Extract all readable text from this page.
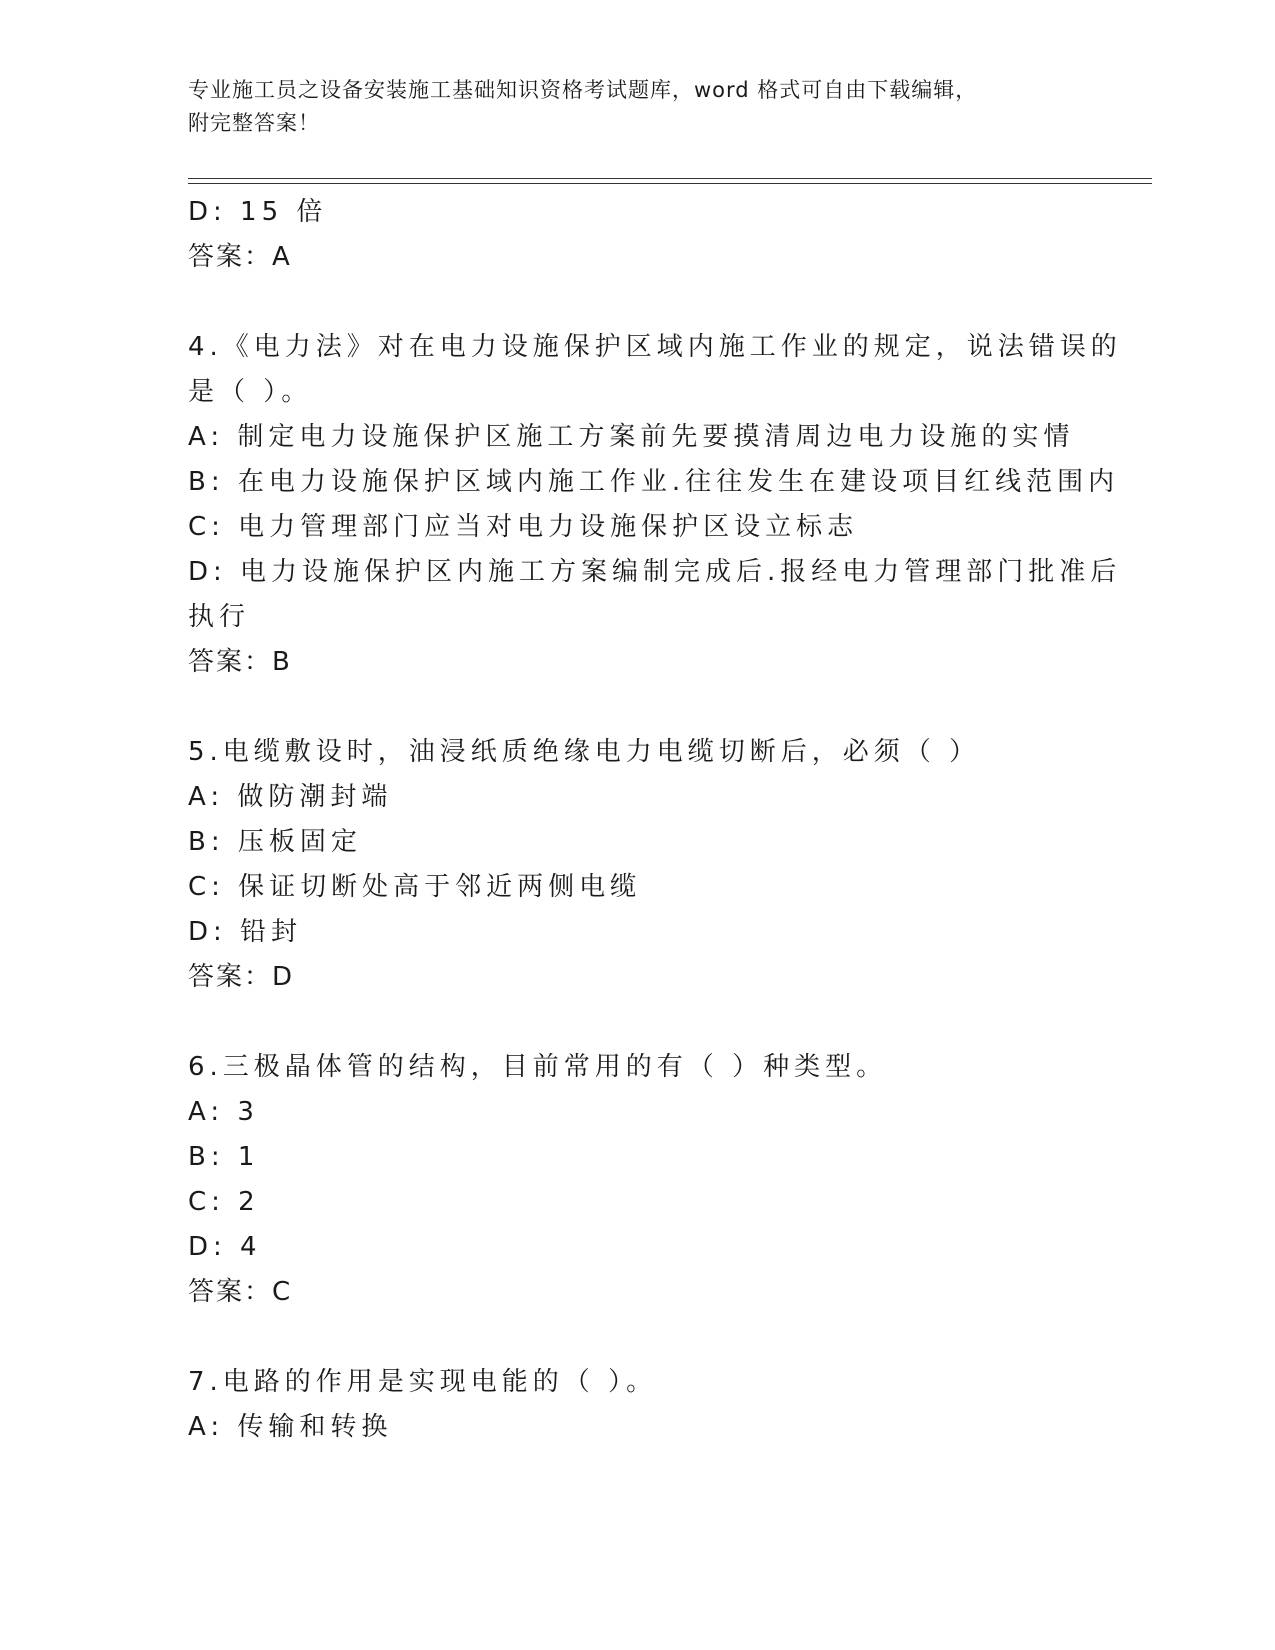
专业施工员之设备安装施工基础知识资格考试题库，word 格式可自由下载编辑，
附完整答案！
D: 15 倍
答案：A
4.《电力法》对在电力设施保护区域内施工作业的规定，说法错误的
是（ ）。
A: 制定电力设施保护区施工方案前先要摸清周边电力设施的实情
B: 在电力设施保护区域内施工作业.往往发生在建设项目红线范围内
C: 电力管理部门应当对电力设施保护区设立标志
D: 电力设施保护区内施工方案编制完成后.报经电力管理部门批准后
执行
答案：B
5.电缆敷设时，油浸纸质绝缘电力电缆切断后，必须（ ）
A: 做防潮封端
B: 压板固定
C: 保证切断处高于邻近两侧电缆
D: 铅封
答案：D
6.三极晶体管的结构，目前常用的有（ ）种类型。
A: 3
B: 1
C: 2
D: 4
答案：C
7.电路的作用是实现电能的（ ）。
A: 传输和转换
